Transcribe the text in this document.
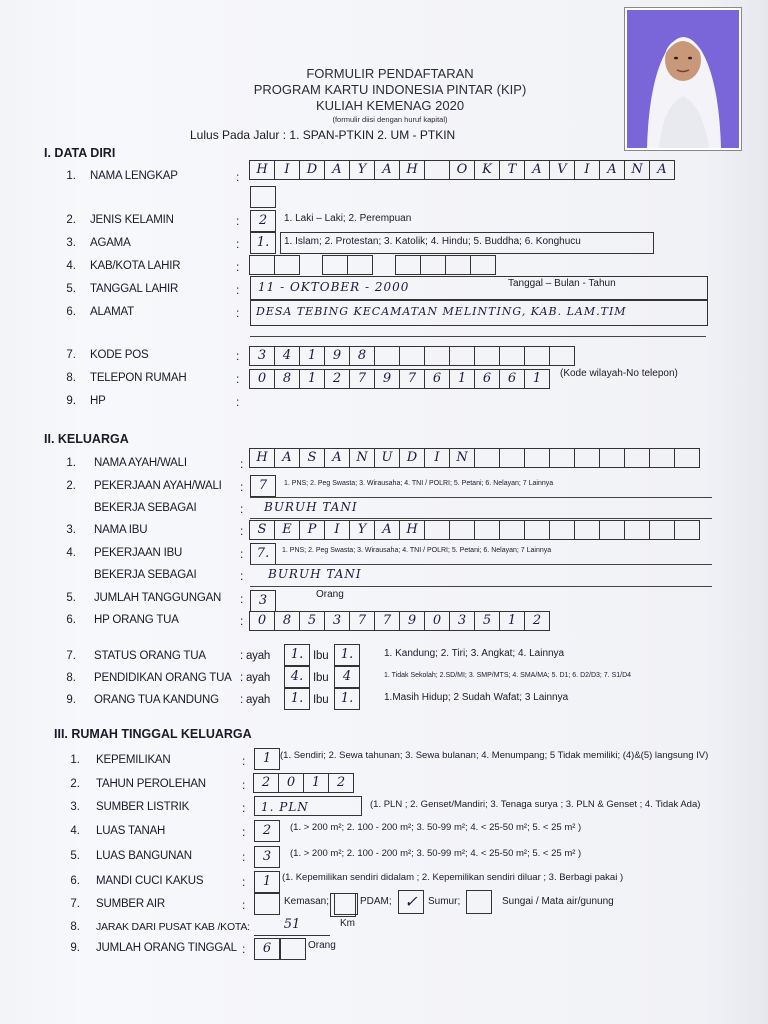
FORMULIR PENDAFTARAN
PROGRAM KARTU INDONESIA PINTAR (KIP)
KULIAH KEMENAG 2020
(formulir diisi dengan huruf kapital)
Lulus Pada Jalur : 1. SPAN-PTKIN 2. UM - PTKIN
I. DATA DIRI
1. NAMA LENGKAP	:	H	I	D	A	Y	A	H	O	K	T	A	V	I	A	N	A
2. JENIS KELAMIN	:	2	1. Laki – Laki; 2. Perempuan
3. AGAMA	:	1.	1. Islam; 2. Protestan; 3. Katolik; 4. Hindu; 5. Buddha; 6. Konghucu
4. KAB/KOTA LAHIR	:
5. TANGGAL LAHIR	: 11 - OKTOBER - 2000	Tanggal – Bulan - Tahun
6. ALAMAT	: DESA TEBING KECAMATAN MELINTING, KAB. LAM.TIM
7. KODE POS	:	3	4	1	9	8
8. TELEPON RUMAH	:	0	8	1	2	7	9	7	6	1	6	6	1	(Kode wilayah-No telepon)
9. HP	:
II. KELUARGA
1. NAMA AYAH/WALI	: H	A	S	A	N	U	D	I	N
2. PEKERJAAN AYAH/WALI :	7	1. PNS; 2. Peg Swasta; 3. Wirausaha; 4. TNI / POLRI; 5. Petani; 6. Nelayan; 7 Lainnya
BEKERJA SEBAGAI	: BURUH TANI
3. NAMA IBU	:	S	E	P	I	Y	A	H
4. PEKERJAAN IBU	:	7.	1. PNS; 2. Peg Swasta; 3. Wirausaha; 4. TNI / POLRI; 5. Petani; 6. Nelayan; 7 Lainnya
BEKERJA SEBAGAI	: BURUH TANI
5. JUMLAH TANGGUNGAN :	3	Orang
6. HP ORANG TUA	:	0	8	5	3	7	7	9	0	3	5	1	2
7. STATUS ORANG TUA	: ayah	1. Ibu 1.	1. Kandung; 2. Tiri; 3. Angkat; 4. Lainnya
8. PENDIDIKAN ORANG TUA : ayah	4. Ibu	4	1. Tidak Sekolah; 2.SD/MI; 3. SMP/MTS; 4. SMA/MA; 5. D1; 6. D2/D3; 7. S1/D4
9. ORANG TUA KANDUNG : ayah	1. Ibu 1.	1.Masih Hidup; 2 Sudah Wafat; 3 Lainnya
III. RUMAH TINGGAL KELUARGA
1. KEPEMILIKAN	:	1 (1. Sendiri; 2. Sewa tahunan; 3. Sewa bulanan; 4. Menumpang; 5 Tidak memiliki; (4)&(5) langsung IV)
2. TAHUN PEROLEHAN	:	2	0	1	2
3. SUMBER LISTRIK	:	1. PLN	(1. PLN ; 2. Genset/Mandiri; 3. Tenaga surya ; 3. PLN & Genset ; 4. Tidak Ada)
4. LUAS TANAH	:	2	(1. > 200 m²; 2. 100 - 200 m²; 3. 50-99 m²; 4. < 25-50 m²; 5. < 25 m² )
5. LUAS BANGUNAN	:	3	(1. > 200 m²; 2. 100 - 200 m²; 3. 50-99 m²; 4. < 25-50 m²; 5. < 25 m² )
6. MANDI CUCI KAKUS	:	1	(1. Kepemilikan sendiri didalam ; 2. Kepemilikan sendiri diluar ; 3. Berbagi pakai )
7. SUMBER AIR	:	Kemasan;	PDAM; ✓	Sumur;	Sungai / Mata air/gunung
8. JARAK DARI PUSAT KAB /KOTA:	51	Km
9. JUMLAH ORANG TINGGAL :	6	Orang
